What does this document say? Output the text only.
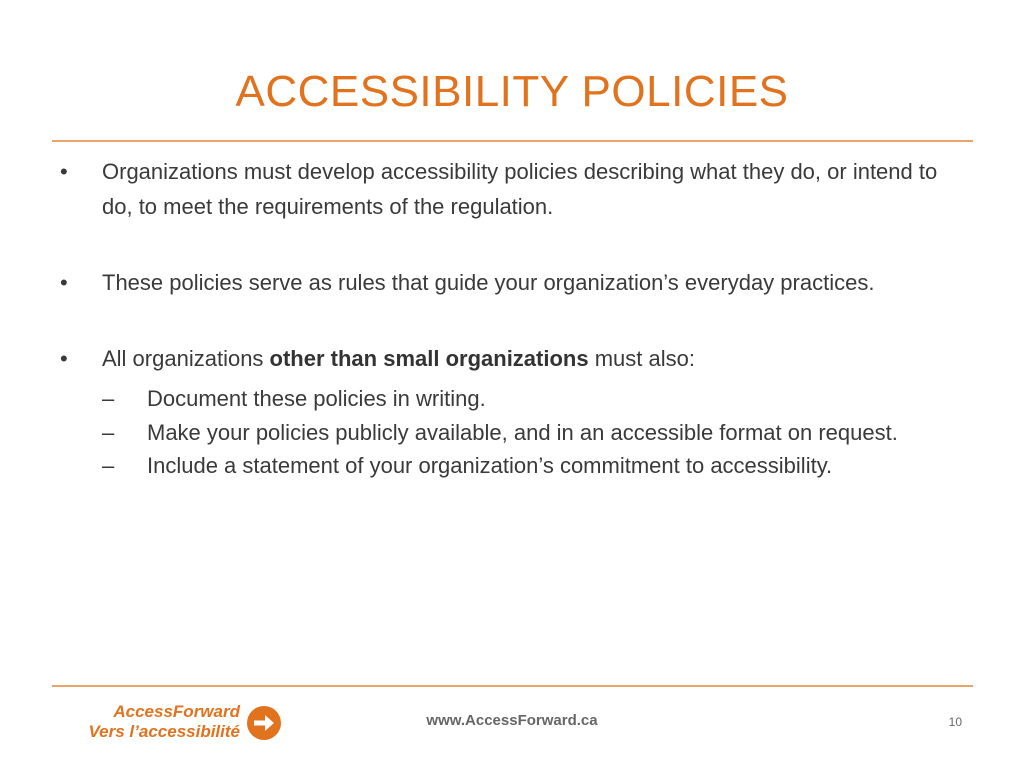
ACCESSIBILITY POLICIES
• Organizations must develop accessibility policies describing what they do, or intend to do, to meet the requirements of the regulation.
• These policies serve as rules that guide your organization’s everyday practices.
• All organizations other than small organizations must also:
– Document these policies in writing.
– Make your policies publicly available, and in an accessible format on request.
– Include a statement of your organization’s commitment to accessibility.
AccessForward
Vers l’accessibilité
www.AccessForward.ca	10
